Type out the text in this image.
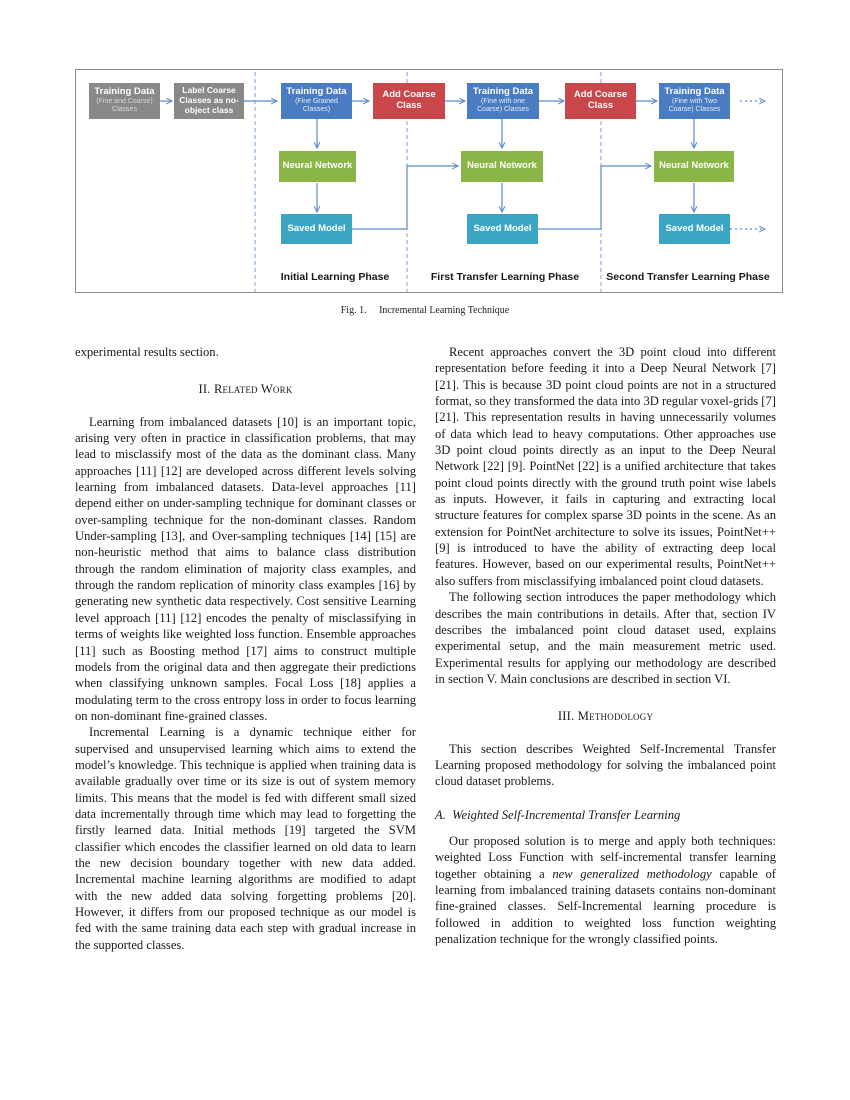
Training Data
(Fine and Coarse)
Classes
Label Coarse
Classes as no-
object class
Training Data
(Fine Grained
Classes)
Add Coarse
Class
Training Data
(Fine with one
Coarse) Classes
Add Coarse
Class
Training Data
(Fine with Two
Coarse) Classes
Neural Network	Neural Network	Neural Network
Saved Model	Saved Model	Saved Model
Initial Learning Phase	First Transfer Learning Phase	Second Transfer Learning Phase
Fig. 1. Incremental Learning Technique

experimental results section.

II. Related Work

Learning from imbalanced datasets [10] is an important topic, arising very often in practice in classification problems, that may lead to misclassify most of the data as the dominant class. Many approaches [11] [12] are developed across different levels solving learning from imbalanced datasets. Data-level approaches [11] depend either on under-sampling technique for dominant classes or over-sampling technique for the non-dominant classes. Random Under-sampling [13], and Over-sampling techniques [14] [15] are non-heuristic method that aims to balance class distribution through the random elimination of majority class examples, and through the random replication of minority class examples [16] by generating new synthetic data respectively. Cost sensitive Learning level approach [11] [12] encodes the penalty of misclassifying in terms of weights like weighted loss function. Ensemble approaches [11] such as Boosting method [17] aims to construct multiple models from the original data and then aggregate their predictions when classifying unknown samples. Focal Loss [18] applies a modulating term to the cross entropy loss in order to focus learning on non-dominant fine-grained classes.

Incremental Learning is a dynamic technique either for supervised and unsupervised learning which aims to extend the model’s knowledge. This technique is applied when training data is available gradually over time or its size is out of system memory limits. This means that the model is fed with different small sized data incrementally through time which may lead to forgetting the firstly learned data. Initial methods [19] targeted the SVM classifier which encodes the classifier learned on old data to learn the new decision boundary together with new data added. Incremental machine learning algorithms are modified to adapt with the new added data solving forgetting problems [20]. However, it differs from our proposed technique as our model is fed with the same training data each step with gradual increase in the supported classes.

Recent approaches convert the 3D point cloud into different representation before feeding it into a Deep Neural Network [7] [21]. This is because 3D point cloud points are not in a structured format, so they transformed the data into 3D regular voxel-grids [7] [21]. This representation results in having unnecessarily volumes of data which lead to heavy computations. Other approaches use 3D point cloud points directly as an input to the Deep Neural Network [22] [9]. PointNet [22] is a unified architecture that takes point cloud points directly with the ground truth point wise labels as inputs. However, it fails in capturing and extracting local structure features for complex sparse 3D points in the scene. As an extension for PointNet architecture to solve its issues, PointNet++ [9] is introduced to have the ability of extracting deep local features. However, based on our experimental results, PointNet++ also suffers from misclassifying imbalanced point cloud datasets.

The following section introduces the paper methodology which describes the main contributions in details. After that, section IV describes the imbalanced point cloud dataset used, explains experimental setup, and the main measurement metric used. Experimental results for applying our methodology are described in section V. Main conclusions are described in section VI.

III. Methodology

This section describes Weighted Self-Incremental Transfer Learning proposed methodology for solving the imbalanced point cloud dataset problems.

A. Weighted Self-Incremental Transfer Learning

Our proposed solution is to merge and apply both techniques: weighted Loss Function with self-incremental transfer learning together obtaining a new generalized methodology capable of learning from imbalanced training datasets contains non-dominant fine-grained classes. Self-Incremental learning procedure is followed in addition to weighted loss function weighting penalization technique for the wrongly classified points.
